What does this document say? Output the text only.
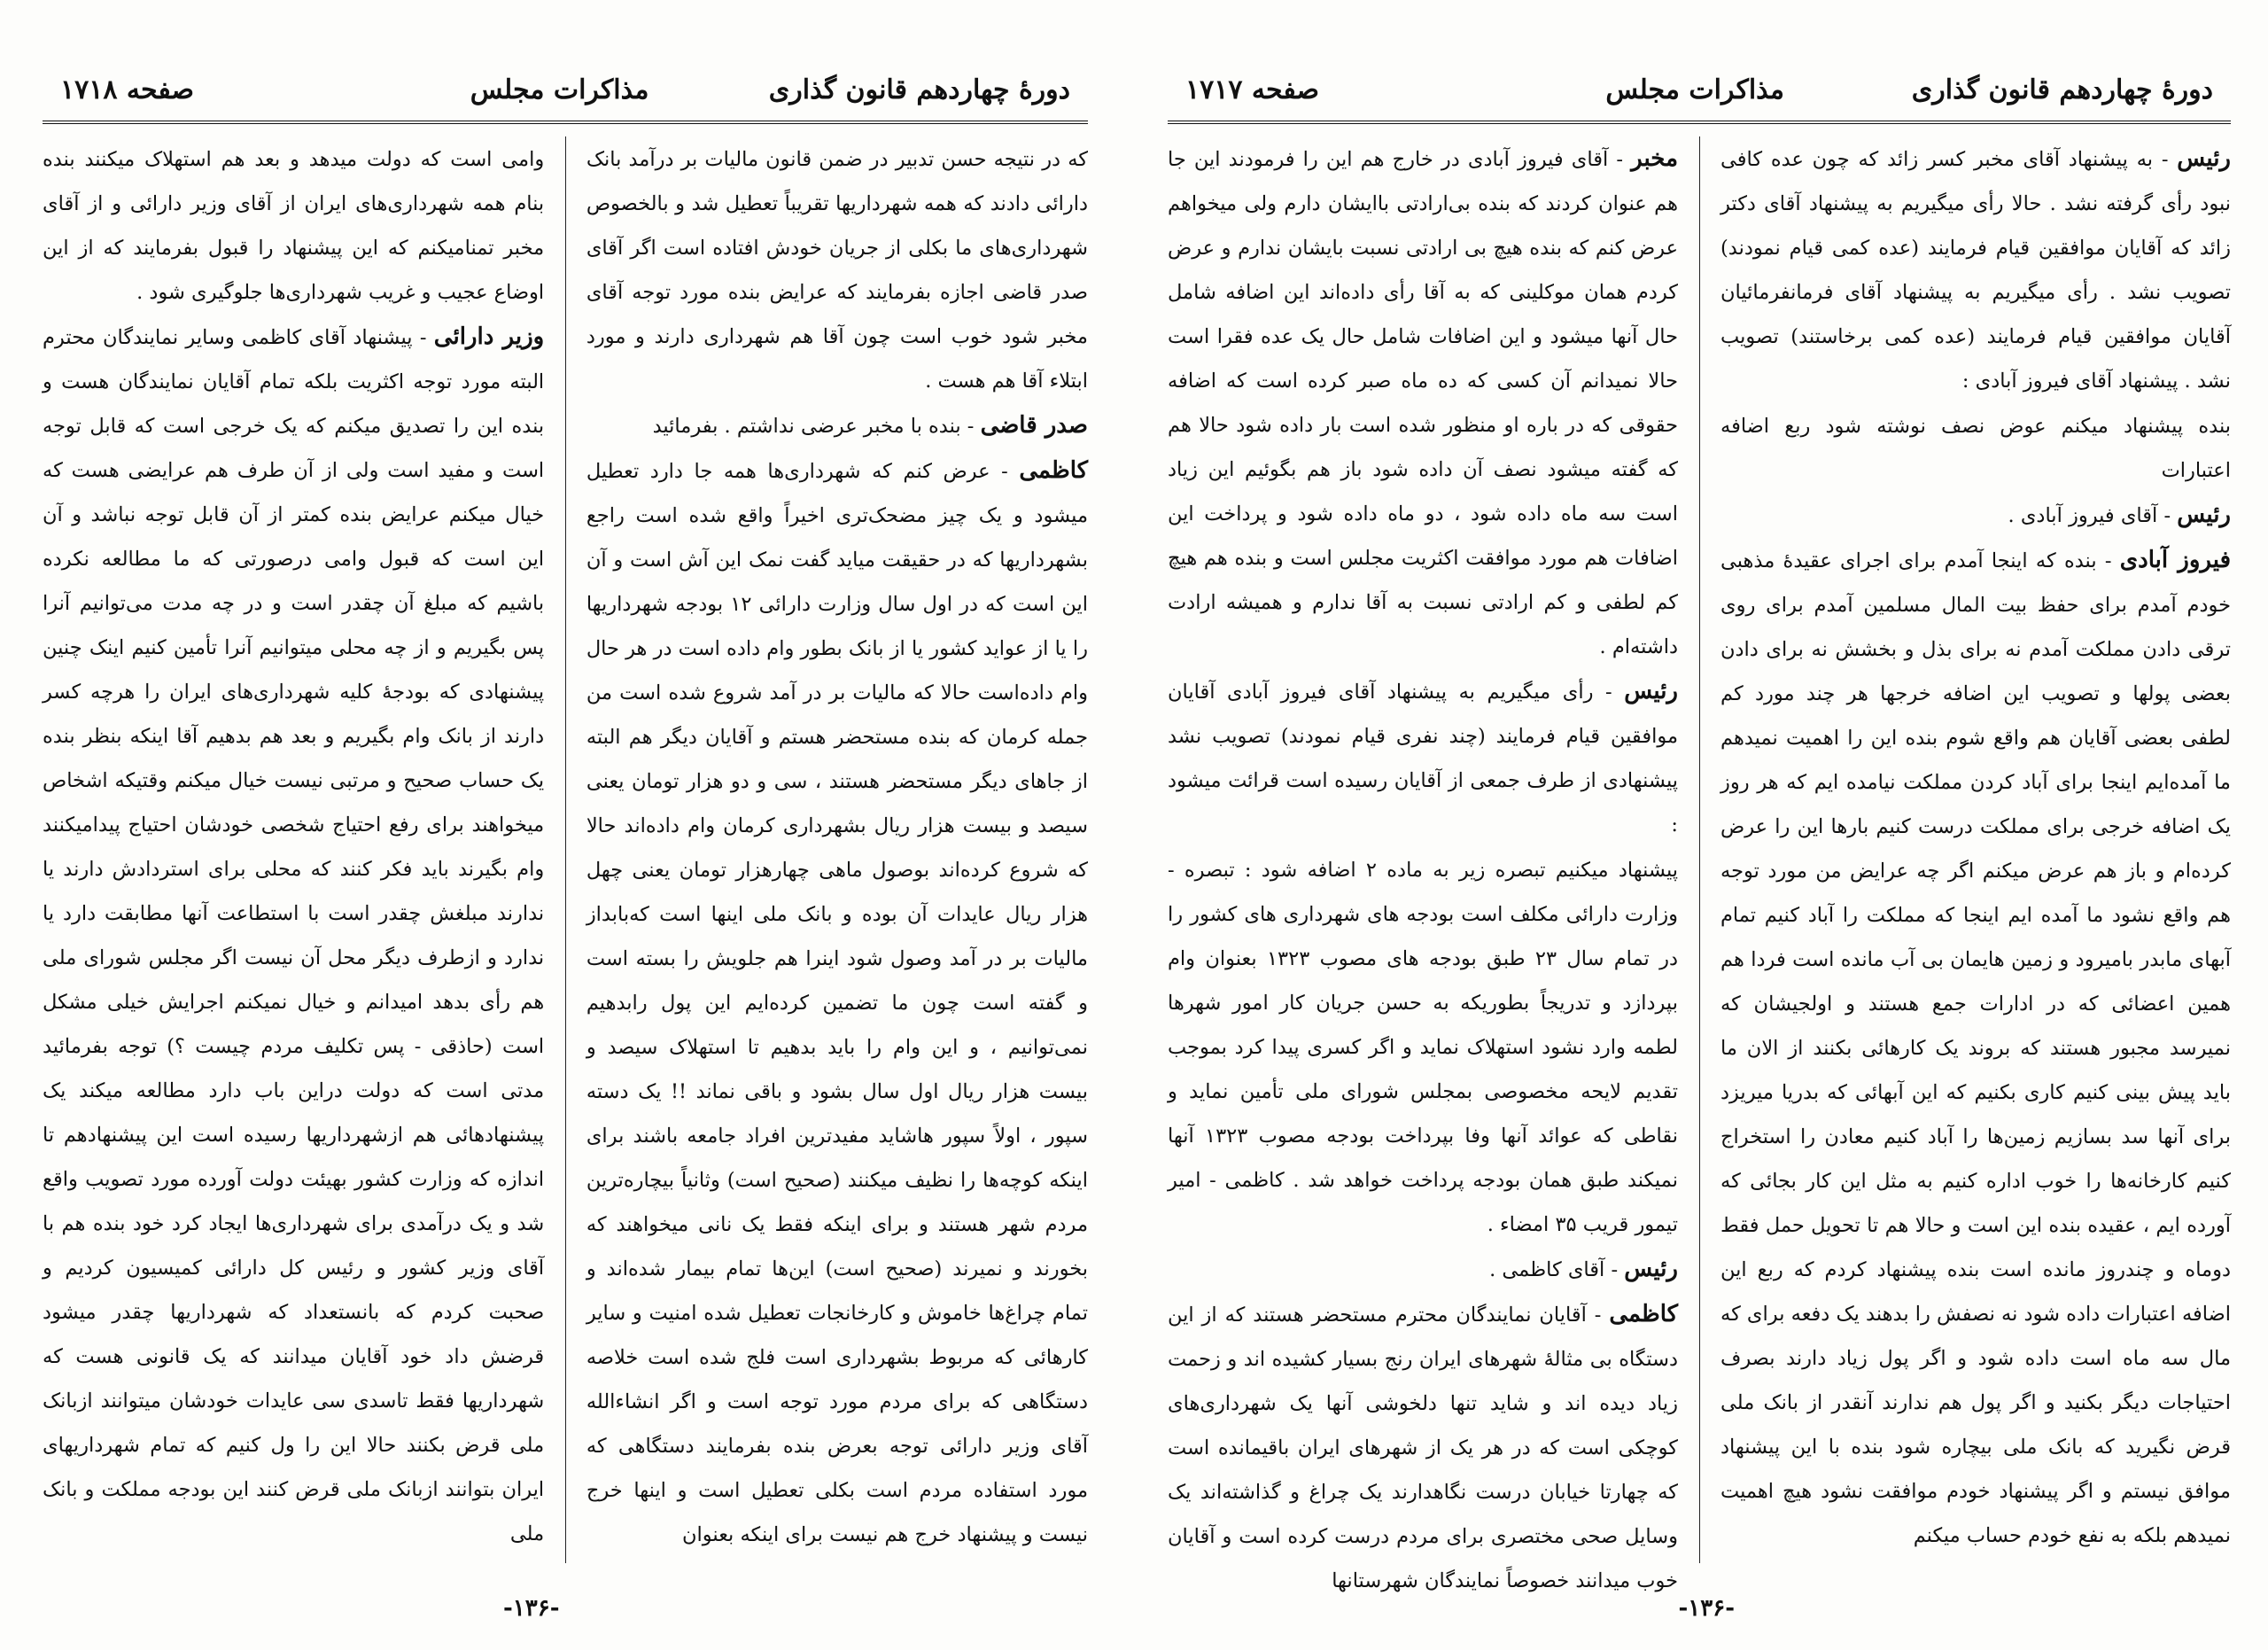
دورهٔ چهاردهم قانون گذاری
مذاکرات مجلس
صفحه ۱۷۱۸

که در نتیجه حسن تدبیر در ضمن قانون مالیات بر درآمد بانک دارائی دادند که همه شهرداریها تقریباً تعطیل شد و بالخصوص شهرداری‌های ما بکلی از جریان خودش افتاده است اگر آقای صدر قاضی اجازه بفرمایند که عرایض بنده مورد توجه آقای مخبر شود خوب است چون آقا هم شهرداری دارند و مورد ابتلاء آقا هم هست .

صدر قاضی - بنده با مخبر عرضی نداشتم . بفرمائید

کاظمی - عرض کنم که شهرداری‌ها همه جا دارد تعطیل میشود و یک چیز مضحک‌تری اخیراً واقع شده است راجع بشهرداریها که در حقیقت میاید گفت نمک این آش است و آن این است که در اول سال وزارت دارائی ۱۲ بودجه شهرداریها را یا از عواید کشور یا از بانک بطور وام داده است در هر حال وام داده‌است حالا که مالیات بر در آمد شروع شده است من جمله کرمان که بنده مستحضر هستم و آقایان دیگر هم البته از جاهای دیگر مستحضر هستند ، سی و دو هزار تومان یعنی سیصد و بیست هزار ریال بشهرداری کرمان وام داده‌اند حالا که شروع کرده‌اند بوصول ماهی چهارهزار تومان یعنی چهل هزار ریال عایدات آن بوده و بانک ملی اینها است که‌بابداز مالیات بر در آمد وصول شود اینرا هم جلویش را بسته است و گفته است چون ما تضمین کرده‌ایم این پول رابدهیم نمی‌توانیم ، و این وام را باید بدهیم تا استهلاک سیصد و بیست هزار ریال اول سال بشود و باقی نماند !! یک دسته سپور ، اولاً سپور هاشاید مفیدترین افراد جامعه باشند برای اینکه کوچه‌ها را نظیف میکنند (صحیح است) وثانیاً بیچاره‌ترین مردم شهر هستند و برای اینکه فقط یک نانی میخواهند که بخورند و نمیرند (صحیح است) این‌ها تمام بیمار شده‌اند و تمام چراغ‌ها خاموش و کارخانجات تعطیل شده امنیت و سایر کارهائی که مربوط بشهرداری است فلج شده است خلاصه دستگاهی که برای مردم مورد توجه است و اگر انشاءالله آقای وزیر دارائی توجه بعرض بنده بفرمایند دستگاهی که مورد استفاده مردم است بکلی تعطیل است و اینها خرج نیست و پیشنهاد خرج هم نیست برای اینکه بعنوان

وامی است که دولت میدهد و بعد هم استهلاک میکنند بنده بنام همه شهرداری‌های ایران از آقای وزیر دارائی و از آقای مخبر تمنامیکنم که این پیشنهاد را قبول بفرمایند که از این اوضاع عجیب و غریب شهرداری‌ها جلوگیری شود .

وزیر دارائی - پیشنهاد آقای کاظمی وسایر نمایندگان محترم البته مورد توجه اکثریت بلکه تمام آقایان نمایندگان هست و بنده این را تصدیق میکنم که یک خرجی است که قابل توجه است و مفید است ولی از آن طرف هم عرایضی هست که خیال میکنم عرایض بنده کمتر از آن قابل توجه نباشد و آن این است که قبول وامی درصورتی که ما مطالعه نکرده باشیم که مبلغ آن چقدر است و در چه مدت می‌توانیم آنرا پس بگیریم و از چه محلی میتوانیم آنرا تأمین کنیم اینک چنین پیشنهادی که بودجهٔ کلیه شهرداری‌های ایران را هرچه کسر دارند از بانک وام بگیریم و بعد هم بدهیم آقا اینکه بنظر بنده یک حساب صحیح و مرتبی نیست خیال میکنم وقتیکه اشخاص میخواهند برای رفع احتیاج شخصی خودشان احتیاج پیدامیکنند وام بگیرند باید فکر کنند که محلی برای استردادش دارند یا ندارند مبلغش چقدر است با استطاعت آنها مطابقت دارد یا ندارد و ازطرف دیگر محل آن نیست اگر مجلس شورای ملی هم رأی بدهد امیدانم و خیال نمیکنم اجرایش خیلی مشکل است (حاذقی - پس تکلیف مردم چیست ؟) توجه بفرمائید مدتی است که دولت دراین باب دارد مطالعه میکند یک پیشنهادهائی هم ازشهرداریها رسیده است این پیشنهادهم تا اندازه که وزارت کشور بهیئت دولت آورده مورد تصویب واقع شد و یک درآمدی برای شهرداری‌ها ایجاد کرد خود بنده هم با آقای وزیر کشور و رئیس کل دارائی کمیسیون کردیم و صحبت کردم که بانستعداد که شهرداریها چقدر میشود قرضش داد خود آقایان میدانند که یک قانونی هست که شهرداریها فقط تاسدی سی عایدات خودشان میتوانند ازبانک ملی قرض بکنند حالا این را ول کنیم که تمام شهرداریهای ایران بتوانند ازبانک ملی قرض کنند این بودجه مملکت و بانک ملی

-۱۳۶-
دورهٔ چهاردهم قانون گذاری
مذاکرات مجلس
صفحه ۱۷۱۷

رئیس - به پیشنهاد آقای مخبر کسر زائد که چون عده کافی نبود رأی گرفته نشد . حالا رأی میگیریم به پیشنهاد آقای دکتر زائد که آقایان موافقین قیام فرمایند (عده کمی قیام نمودند) تصویب نشد . رأی میگیریم به پیشنهاد آقای فرمانفرمائیان آقایان موافقین قیام فرمایند (عده کمی برخاستند) تصویب نشد . پیشنهاد آقای فیروز آبادی :

بنده پیشنهاد میکنم عوض نصف نوشته شود ربع اضافه اعتبارات

رئیس - آقای فیروز آبادی .

فیروز آبادی - بنده که اینجا آمدم برای اجرای عقیدهٔ مذهبی خودم آمدم برای حفظ بیت المال مسلمین آمدم برای روی ترقی دادن مملکت آمدم نه برای بذل و بخشش نه برای دادن بعضی پولها و تصویب این اضافه خرجها هر چند مورد کم لطفی بعضی آقایان هم واقع شوم بنده این را اهمیت نمیدهم ما آمده‌ایم اینجا برای آباد کردن مملکت نیامده ایم که هر روز یک اضافه خرجی برای مملکت درست کنیم بارها این را عرض کرده‌ام و باز هم عرض میکنم اگر چه عرایض من مورد توجه هم واقع نشود ما آمده ایم اینجا که مملکت را آباد کنیم تمام آبهای مابدر بامیرود و زمین هایمان بی آب مانده است فردا هم همین اعضائی که در ادارات جمع هستند و اولجیشان که نمیرسد مجبور هستند که بروند یک کارهائی بکنند از الان ما باید پیش بینی کنیم کاری بکنیم که این آبهائی که بدریا میریزد برای آنها سد بسازیم زمین‌ها را آباد کنیم معادن را استخراج کنیم کارخانه‌ها را خوب اداره کنیم به مثل این کار بجائی که آورده ایم ، عقیده بنده این است و حالا هم تا تحویل حمل فقط دوماه و چندروز مانده است بنده پیشنهاد کردم که ربع این اضافه اعتبارات داده شود نه نصفش را بدهند یک دفعه برای که مال سه ماه است داده شود و اگر پول زیاد دارند بصرف احتیاجات دیگر بکنید و اگر پول هم ندارند آنقدر از بانک ملی قرض نگیرید که بانک ملی بیچاره شود بنده با این پیشنهاد موافق نیستم و اگر پیشنهاد خودم موافقت نشود هیچ اهمیت نمیدهم بلکه به نفع خودم حساب میکنم

مخبر - آقای فیروز آبادی در خارج هم این را فرمودند این جا هم عنوان کردند که بنده بی‌ارادتی باایشان دارم ولی میخواهم عرض کنم که بنده هیچ بی ارادتی نسبت بایشان ندارم و عرض کردم همان موکلینی که به آقا رأی داده‌اند این اضافه شامل حال آنها میشود و این اضافات شامل حال یک عده فقرا است حالا نمیدانم آن کسی که ده ماه صبر کرده است که اضافه حقوقی که در باره او منظور شده است بار داده شود حالا هم که گفته میشود نصف آن داده شود باز هم بگوئیم این زیاد است سه ماه داده شود ، دو ماه داده شود و پرداخت این اضافات هم مورد موافقت اکثریت مجلس است و بنده هم هیچ کم لطفی و کم ارادتی نسبت به آقا ندارم و همیشه ارادت داشته‌ام .

رئیس - رأی میگیریم به پیشنهاد آقای فیروز آبادی آقایان موافقین قیام فرمایند (چند نفری قیام نمودند) تصویب نشد پیشنهادی از طرف جمعی از آقایان رسیده است قرائت میشود :

پیشنهاد میکنیم تبصره زیر به ماده ۲ اضافه شود : تبصره - وزارت دارائی مکلف است بودجه های شهرداری های کشور را در تمام سال ۲۳ طبق بودجه های مصوب ۱۳۲۳ بعنوان وام بپردازد و تدریجاً بطوریکه به حسن جریان کار امور شهرها لطمه وارد نشود استهلاک نماید و اگر کسری پیدا کرد بموجب تقدیم لایحه مخصوصی بمجلس شورای ملی تأمین نماید و نقاطی که عوائد آنها وفا بپرداخت بودجه مصوب ۱۳۲۳ آنها نمیکند طبق همان بودجه پرداخت خواهد شد . کاظمی - امیر تیمور قریب ۳۵ امضاء .

رئیس - آقای کاظمی .

کاظمی - آقایان نمایندگان محترم مستحضر هستند که از این دستگاه بی مثالهٔ شهرهای ایران رنج بسیار کشیده اند و زحمت زیاد دیده اند و شاید تنها دلخوشی آنها یک شهرداری‌های کوچکی است که در هر یک از شهرهای ایران باقیمانده است که چهارتا خیابان درست نگاهدارند یک چراغ و گذاشته‌اند یک وسایل صحی مختصری برای مردم درست کرده است و آقایان خوب میدانند خصوصاً نمایندگان شهرستانها

-۱۳۶-
